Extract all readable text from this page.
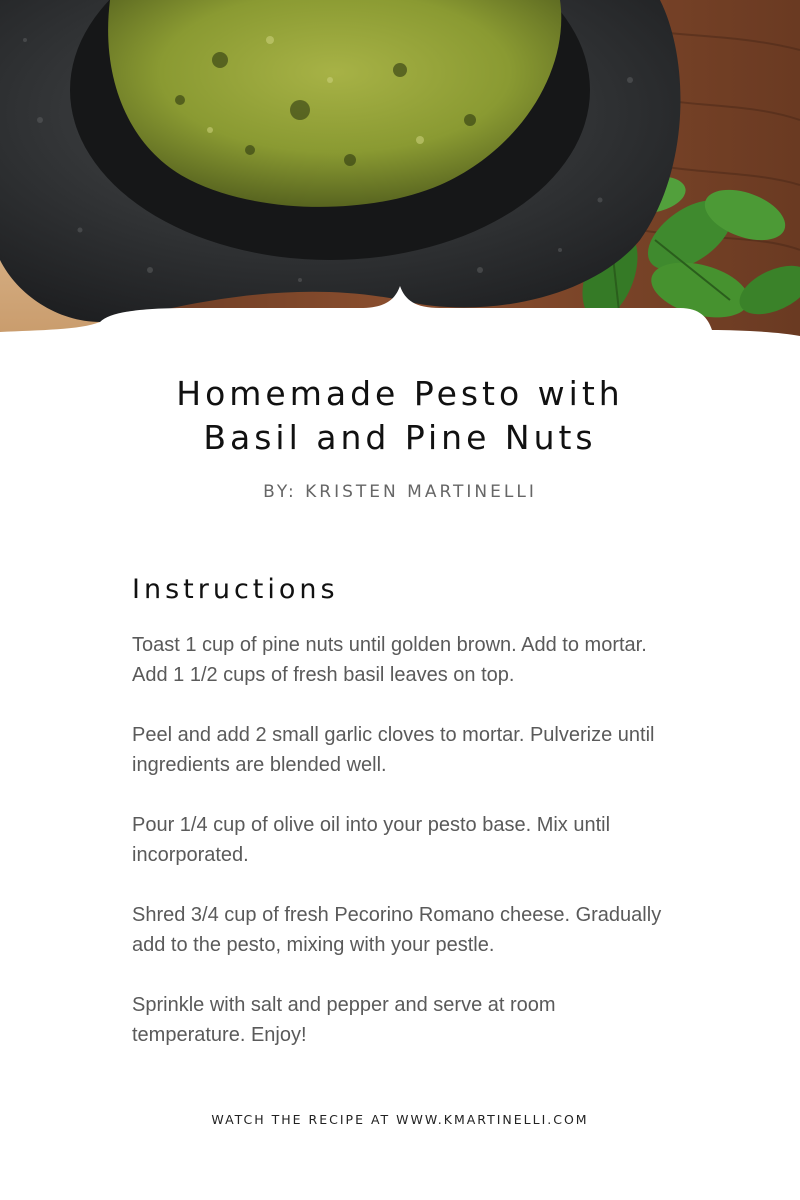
Homemade Pesto with
Basil and Pine Nuts
BY: KRISTEN MARTINELLI
Instructions
Toast 1 cup of pine nuts until golden brown. Add to mortar. Add 1 1/2 cups of fresh basil leaves on top.
Peel and add 2 small garlic cloves to mortar. Pulverize until ingredients are blended well.
Pour 1/4 cup of olive oil into your pesto base. Mix until incorporated.
Shred 3/4 cup of fresh Pecorino Romano cheese. Gradually add to the pesto, mixing with your pestle.
Sprinkle with salt and pepper and serve at room temperature. Enjoy!
WATCH THE RECIPE AT WWW.KMARTINELLI.COM
